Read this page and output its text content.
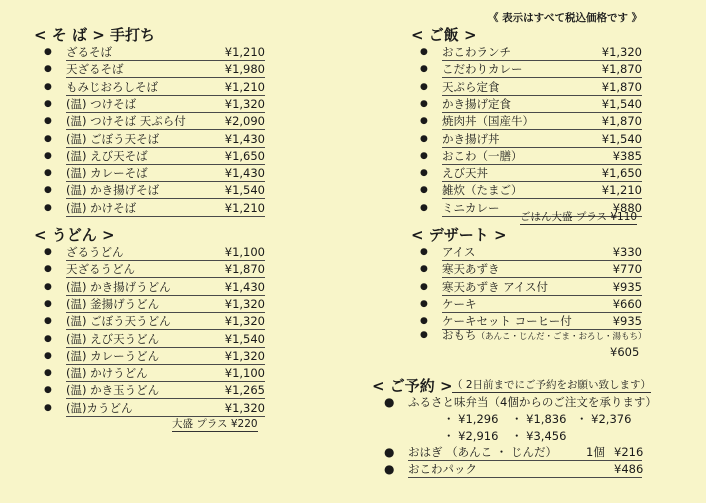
《 表示はすべて税込価格です 》
< そ ば > 手打ち
● ざるそば	¥1,210
● 天ざるそば	¥1,980
● もみじおろしそば	¥1,210
● (温) つけそば	¥1,320
● (温) つけそば 天ぷら付	¥2,090
● (温) ごぼう天そば	¥1,430
● (温) えび天そば	¥1,650
● (温) カレーそば	¥1,430
● (温) かき揚げそば	¥1,540
● (温) かけそば	¥1,210
< うどん >
● ざるうどん	¥1,100
● 天ざるうどん	¥1,870
● (温) かき揚げうどん	¥1,430
● (温) 釜揚げうどん	¥1,320
● (温) ごぼう天うどん	¥1,320
● (温) えび天うどん	¥1,540
● (温) カレーうどん	¥1,320
● (温) かけうどん	¥1,100
● (温) かき玉うどん	¥1,265
● (温)カうどん	¥1,320
大盛 プラス ¥220
< ご飯 >
● おこわランチ	¥1,320
● こだわりカレー	¥1,870
● 天ぷら定食	¥1,870
● かき揚げ定食	¥1,540
● 焼肉丼（国産牛）	¥1,870
● かき揚げ丼	¥1,540
● おこわ（一膳）	¥385
● えび天丼	¥1,650
● 雑炊（たまご）	¥1,210
● ミニカレー	¥880
ごはん大盛 プラス ¥110
< デザート >
● アイス	¥330
● 寒天あずき	¥770
● 寒天あずき アイス付	¥935
● ケーキ	¥660
● ケーキセット コーヒー付	¥935
● おもち（あんこ・じんだ・ごま・おろし・湯もち）
¥605
< ご予約 > （ 2日前までにご予約をお願い致します）
● ふるさと味弁当（4個からのご注文を承ります）
・ ¥1,296 ・ ¥1,836 ・ ¥2,376
・ ¥2,916 ・ ¥3,456
● おはぎ （あんこ ・ じんだ）	1個 ¥216
● おこわパック	¥486
